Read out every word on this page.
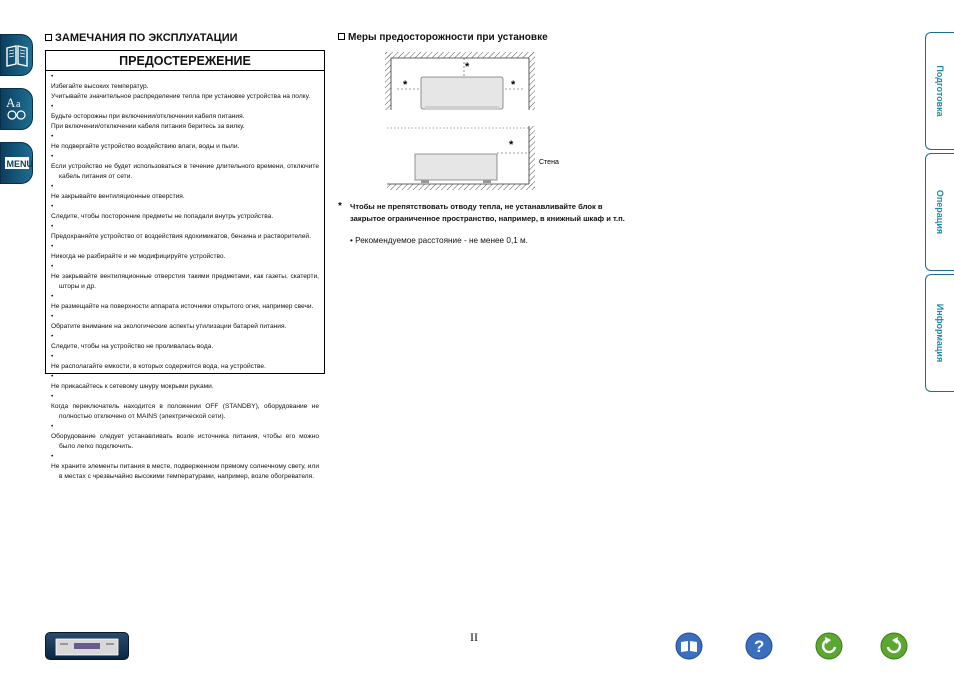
A a
MENU
ЗАМЕЧАНИЯ ПО ЭКСПЛУАТАЦИИ
ПРЕДОСТЕРЕЖЕНИЕ
• Избегайте высоких температур.
Учитывайте значительное распределение тепла при установке устройства на полку.
• Будьте осторожны при включении/отключении кабеля питания.
При включении/отключении кабеля питания беритесь за вилку.
• Не подвергайте устройство воздействию влаги, воды и пыли.
• Если устройство не будет использоваться в течение длительного времени, отключите кабель питания от сети.
• Не закрывайте вентиляционные отверстия.
• Следите, чтобы посторонние предметы не попадали внутрь устройства.
• Предохраняйте устройство от воздействия ядохимикатов, бензина и растворителей.
• Никогда не разбирайте и не модифицируйте устройство.
• Не закрывайте вентиляционные отверстия такими предметами, как газеты, скатерти, шторы и др.
• Не размещайте на поверхности аппарата источники открытого огня, например свечи.
• Обратите внимание на экологические аспекты утилизации батарей питания.
• Следите, чтобы на устройство не проливалась вода.
• Не располагайте емкости, в которых содержится вода, на устройстве.
• Не прикасайтесь к сетевому шнуру мокрыми руками.
• Когда переключатель находится в положении OFF (STANDBY), оборудование не полностью отключено от MAINS (электрической сети).
• Оборудование следует устанавливать возле источника питания, чтобы его можно было легко подключить.
• Не храните элементы питания в месте, подверженном прямому солнечному свету, или в местах с чрезвычайно высокими температурами, например, возле обогревателя.
Меры предосторожности при установке
*
*	*
*
Стена
* Чтобы не препятствовать отводу тепла, не устанавливайте блок в закрытое ограниченное пространство, например, в книжный шкаф и т.п.
• Рекомендуемое расстояние - не менее 0,1 м.
Подготовка
Операция
Информация
II	?
